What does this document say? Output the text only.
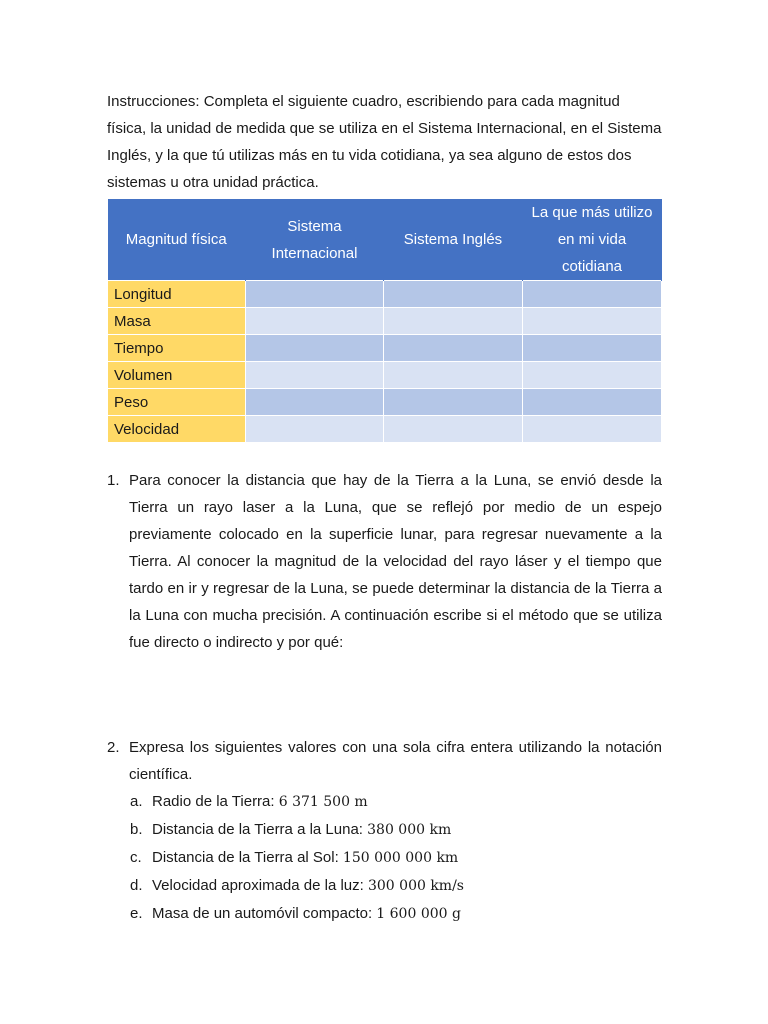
Instrucciones: Completa el siguiente cuadro, escribiendo para cada magnitud física, la unidad de medida que se utiliza en el Sistema Internacional, en el Sistema Inglés, y la que tú utilizas más en tu vida cotidiana, ya sea alguno de estos dos sistemas u otra unidad práctica.

Magnitud física	Sistema Internacional	Sistema Inglés	La que más utilizo en mi vida cotidiana
Longitud			
Masa			
Tiempo			
Volumen			
Peso			
Velocidad			
1. Para conocer la distancia que hay de la Tierra a la Luna, se envió desde la Tierra un rayo laser a la Luna, que se reflejó por medio de un espejo previamente colocado en la superficie lunar, para regresar nuevamente a la Tierra. Al conocer la magnitud de la velocidad del rayo láser y el tiempo que tardo en ir y regresar de la Luna, se puede determinar la distancia de la Tierra a la Luna con mucha precisión. A continuación escribe si el método que se utiliza fue directo o indirecto y por qué:
2. Expresa los siguientes valores con una sola cifra entera utilizando la notación científica.
a. Radio de la Tierra: 6 371 500 m
b. Distancia de la Tierra a la Luna: 380 000 km
c. Distancia de la Tierra al Sol: 150 000 000 km
d. Velocidad aproximada de la luz: 300 000 km/s
e. Masa de un automóvil compacto: 1 600 000 g
